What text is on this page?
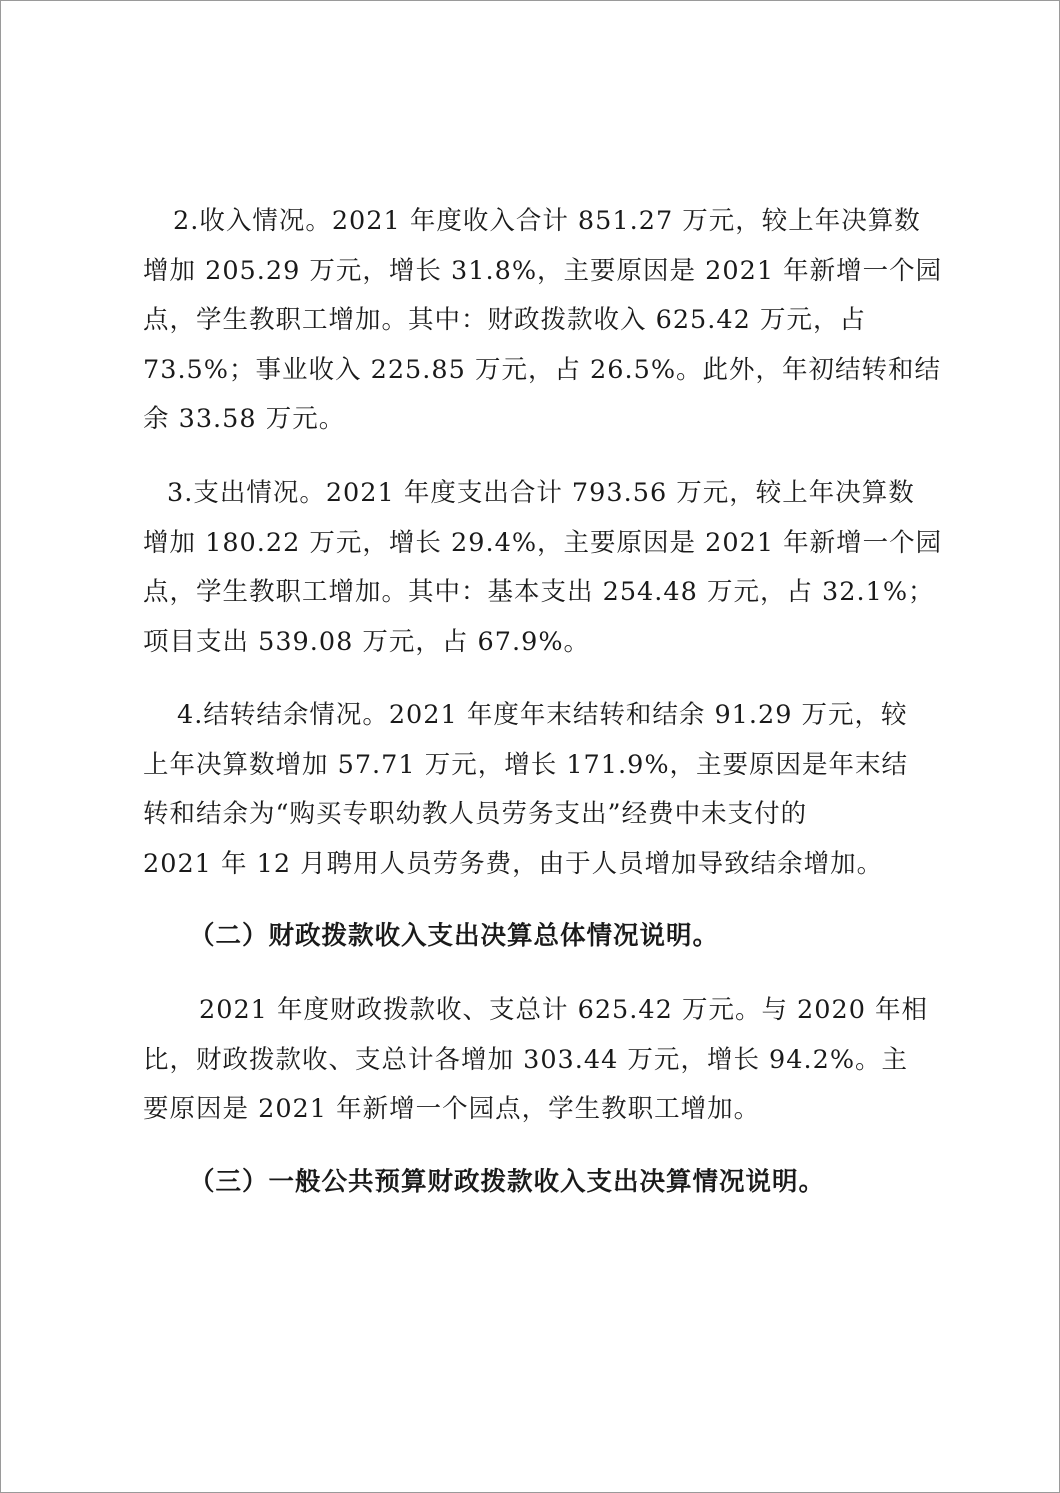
2.收入情况。2021 年度收入合计 851.27 万元，较上年决算数
增加 205.29 万元，增长 31.8%，主要原因是 2021 年新增一个园
点，学生教职工增加。其中：财政拨款收入 625.42 万元，占
73.5%；事业收入 225.85 万元，占 26.5%。此外，年初结转和结
余 33.58 万元。
3.支出情况。2021 年度支出合计 793.56 万元，较上年决算数
增加 180.22 万元，增长 29.4%，主要原因是 2021 年新增一个园
点，学生教职工增加。其中：基本支出 254.48 万元，占 32.1%；
项目支出 539.08 万元，占 67.9%。
4.结转结余情况。2021 年度年末结转和结余 91.29 万元，较
上年决算数增加 57.71 万元，增长 171.9%，主要原因是年末结
转和结余为“购买专职幼教人员劳务支出”经费中未支付的
2021 年 12 月聘用人员劳务费，由于人员增加导致结余增加。
（二）财政拨款收入支出决算总体情况说明。
2021 年度财政拨款收、支总计 625.42 万元。与 2020 年相
比，财政拨款收、支总计各增加 303.44 万元，增长 94.2%。主
要原因是 2021 年新增一个园点，学生教职工增加。
（三）一般公共预算财政拨款收入支出决算情况说明。
